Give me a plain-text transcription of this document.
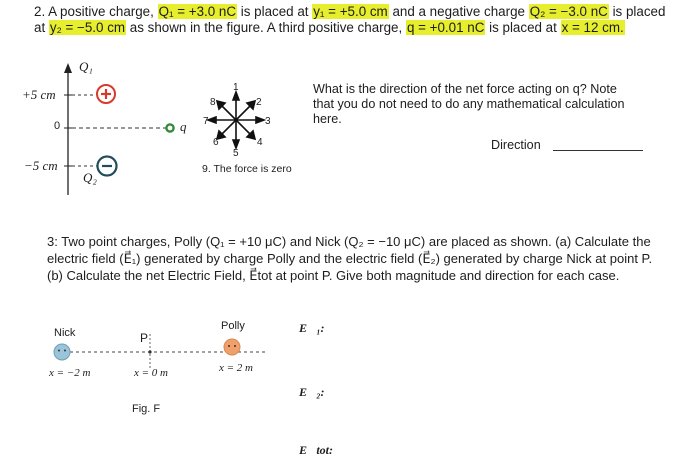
2. A positive charge, Q₁ = +3.0 nC is placed at y₁ = +5.0 cm and a negative charge Q₂ = −3.0 nC is placed
at y₂ = −5.0 cm as shown in the figure. A third positive charge, q = +0.01 nC is placed at x = 12 cm.
Q₁
Q₂
q
+5 cm
0
−5 cm
1
2
3
4
5
6
7
8
9. The force is zero
What is the direction of the net force acting on q? Note
that you do not need to do any mathematical calculation
here.
Direction
3: Two point charges, Polly (Q₁ = +10 μC) and Nick (Q₂ = −10 μC) are placed as shown. (a) Calculate the
electric field (E⃗₁) generated by charge Polly and the electric field (E⃗₂) generated by charge Nick at point P.
(b) Calculate the net Electric Field, E⃗tot at point P. Give both magnitude and direction for each case.
Nick	P
Polly
x = −2 m	x = 0 m	x = 2 m
Fig. F
E⃗₁:
E⃗₂:
E⃗tot:
